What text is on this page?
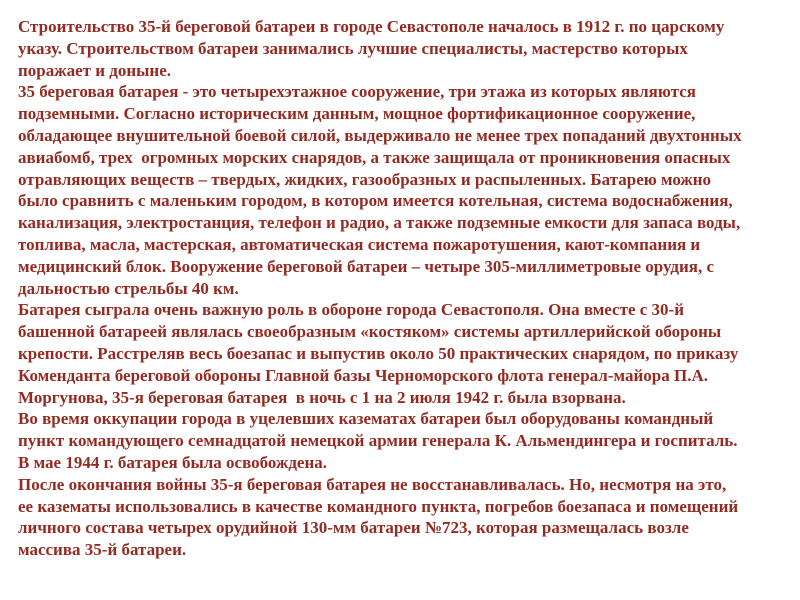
Строительство 35-й береговой батареи в городе Севастополе началось в 1912 г. по царскому
указу. Строительством батареи занимались лучшие специалисты, мастерство которых
поражает и доныне.
35 береговая батарея - это четырехэтажное сооружение, три этажа из которых являются
подземными. Согласно историческим данным, мощное фортификационное сооружение,
обладающее внушительной боевой силой, выдерживало не менее трех попаданий двухтонных
авиабомб, трех  огромных морских снарядов, а также защищала от проникновения опасных
отравляющих веществ – твердых, жидких, газообразных и распыленных. Батарею можно
было сравнить с маленьким городом, в котором имеется котельная, система водоснабжения,
канализация, электростанция, телефон и радио, а также подземные емкости для запаса воды,
топлива, масла, мастерская, автоматическая система пожаротушения, кают-компания и
медицинский блок. Вооружение береговой батареи – четыре 305-миллиметровые орудия, с
дальностью стрельбы 40 км.
Батарея сыграла очень важную роль в обороне города Севастополя. Она вместе с 30-й
башенной батареей являлась своеобразным «костяком» системы артиллерийской обороны
крепости. Расстреляв весь боезапас и выпустив около 50 практических снарядом, по приказу
Коменданта береговой обороны Главной базы Черноморского флота генерал-майора П.А.
Моргунова, 35-я береговая батарея  в ночь с 1 на 2 июля 1942 г. была взорвана.
Во время оккупации города в уцелевших казематах батареи был оборудованы командный
пункт командующего семнадцатой немецкой армии генерала К. Альмендингера и госпиталь.
В мае 1944 г. батарея была освобождена.
После окончания войны 35-я береговая батарея не восстанавливалась. Но, несмотря на это,
ее казематы использовались в качестве командного пункта, погребов боезапаса и помещений
личного состава четырех орудийной 130-мм батареи №723, которая размещалась возле
массива 35-й батареи.
